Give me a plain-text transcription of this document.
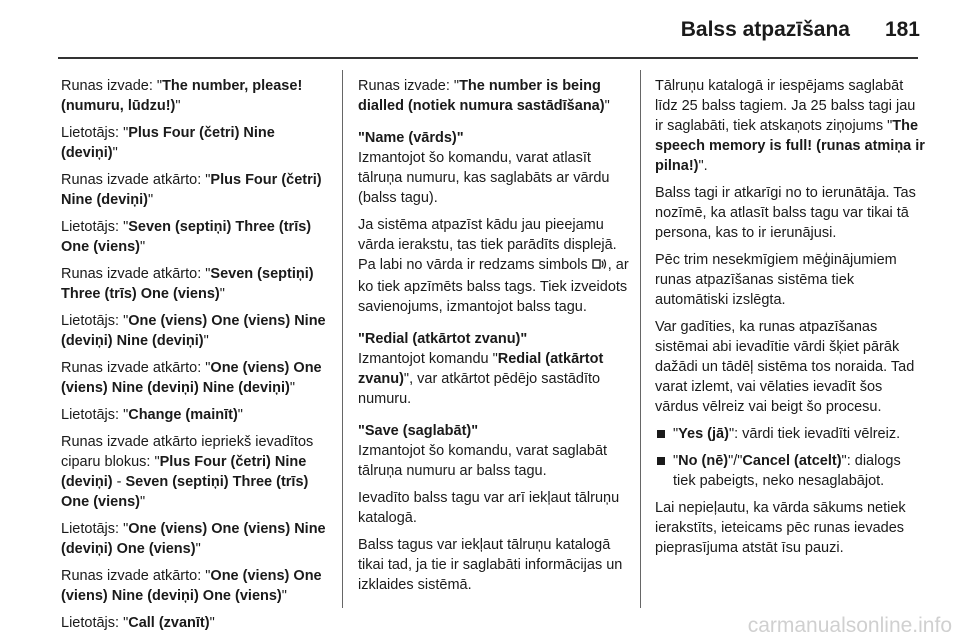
Balss atpazīšana 181

Runas izvade: "The number, please! (numuru, lūdzu!)"

Lietotājs: "Plus Four (četri) Nine (deviņi)"

Runas izvade atkārto: "Plus Four (četri) Nine (deviņi)"

Lietotājs: "Seven (septiņi) Three (trīs) One (viens)"

Runas izvade atkārto: "Seven (septiņi) Three (trīs) One (viens)"

Lietotājs: "One (viens) One (viens) Nine (deviņi) Nine (deviņi)"

Runas izvade atkārto: "One (viens) One (viens) Nine (deviņi) Nine (deviņi)"

Lietotājs: "Change (mainīt)"

Runas izvade atkārto iepriekš ievadītos ciparu blokus: "Plus Four (četri) Nine (deviņi) - Seven (septiņi) Three (trīs) One (viens)"

Lietotājs: "One (viens) One (viens) Nine (deviņi) One (viens)"

Runas izvade atkārto: "One (viens) One (viens) Nine (deviņi) One (viens)"

Lietotājs: "Call (zvanīt)"

Runas izvade: "The number is being dialled (notiek numura sastādīšana)"

"Name (vārds)"

Izmantojot šo komandu, varat atlasīt tālruņa numuru, kas saglabāts ar vārdu (balss tagu).

Ja sistēma atpazīst kādu jau pieejamu vārda ierakstu, tas tiek parādīts displejā. Pa labi no vārda ir redzams simbols , ar ko tiek apzīmēts balss tags. Tiek izveidots savienojums, izmantojot balss tagu.

"Redial (atkārtot zvanu)"

Izmantojot komandu "Redial (atkārtot zvanu)", var atkārtot pēdējo sastādīto numuru.

"Save (saglabāt)"

Izmantojot šo komandu, varat saglabāt tālruņa numuru ar balss tagu.

Ievadīto balss tagu var arī iekļaut tālruņu katalogā.

Balss tagus var iekļaut tālruņu katalogā tikai tad, ja tie ir saglabāti informācijas un izklaides sistēmā.

Tālruņu katalogā ir iespējams saglabāt līdz 25 balss tagiem. Ja 25 balss tagi jau ir saglabāti, tiek atskaņots ziņojums "The speech memory is full! (runas atmiņa ir pilna!)".

Balss tagi ir atkarīgi no to ierunātāja. Tas nozīmē, ka atlasīt balss tagu var tikai tā persona, kas to ir ierunājusi.

Pēc trim nesekmīgiem mēģinājumiem runas atpazīšanas sistēma tiek automātiski izslēgta.

Var gadīties, ka runas atpazīšanas sistēmai abi ievadītie vārdi šķiet pārāk dažādi un tādēļ sistēma tos noraida. Tad varat izlemt, vai vēlaties ievadīt šos vārdus vēlreiz vai beigt šo procesu.

"Yes (jā)": vārdi tiek ievadīti vēlreiz.

"No (nē)"/"Cancel (atcelt)": dialogs tiek pabeigts, neko nesaglabājot.

Lai nepieļautu, ka vārda sākums netiek ierakstīts, ieteicams pēc runas ievades pieprasījuma atstāt īsu pauzi.

carmanualsonline.info
